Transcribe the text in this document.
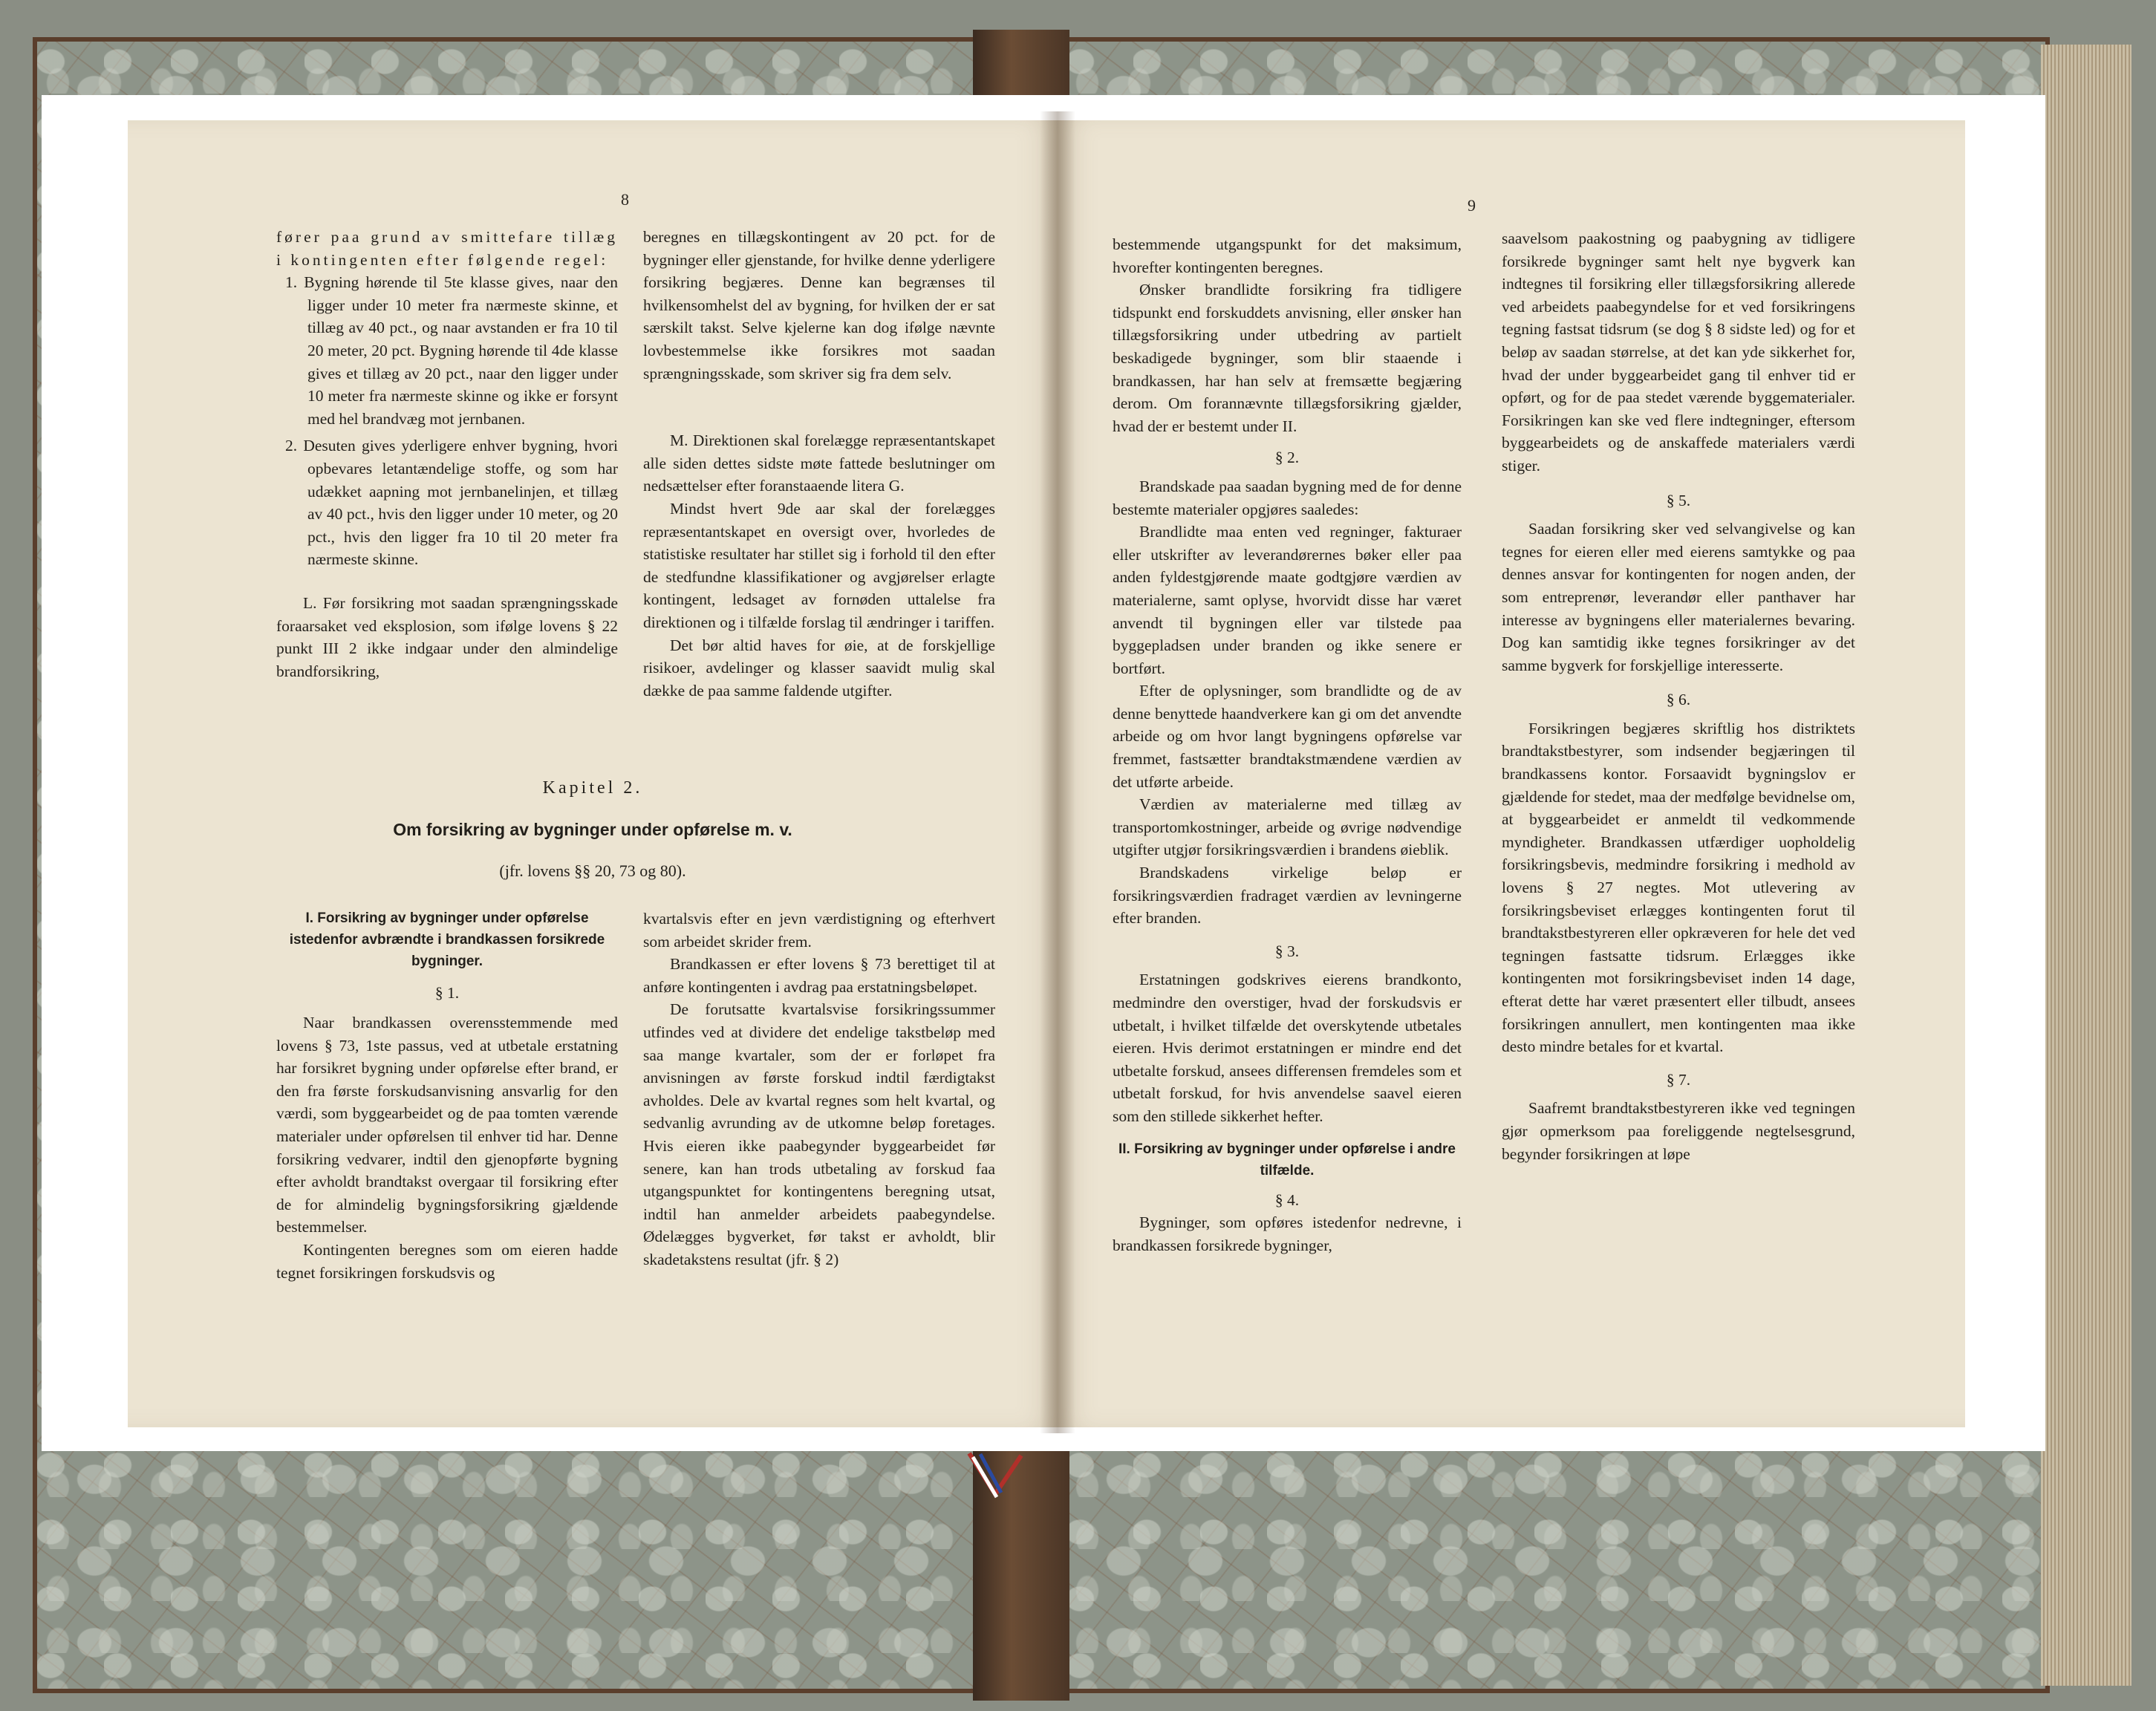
8

fører paa grund av smittefare tillæg i kontingenten efter følgende regel:

1. Bygning hørende til 5te klasse gives, naar den ligger under 10 meter fra nærmeste skinne, et tillæg av 40 pct., og naar avstanden er fra 10 til 20 meter, 20 pct. Bygning hørende til 4de klasse gives et tillæg av 20 pct., naar den ligger under 10 meter fra nærmeste skinne og ikke er forsynt med hel brandvæg mot jernbanen.

2. Desuten gives yderligere enhver bygning, hvori opbevares letantændelige stoffe, og som har udækket aapning mot jernbanelinjen, et tillæg av 40 pct., hvis den ligger under 10 meter, og 20 pct., hvis den ligger fra 10 til 20 meter fra nærmeste skinne.

L. Før forsikring mot saadan sprængningsskade foraarsaket ved eksplosion, som ifølge lovens § 22 punkt III 2 ikke indgaar under den almindelige brandforsikring,

beregnes en tillægskontingent av 20 pct. for de bygninger eller gjenstande, for hvilke denne yderligere forsikring begjæres. Denne kan begrænses til hvilkensomhelst del av bygning, for hvilken der er sat særskilt takst. Selve kjelerne kan dog ifølge nævnte lovbestemmelse ikke forsikres mot saadan sprængningsskade, som skriver sig fra dem selv.

M. Direktionen skal forelægge repræsentantskapet alle siden dettes sidste møte fattede beslutninger om nedsættelser efter foranstaaende litera G.

Mindst hvert 9de aar skal der forelægges repræsentantskapet en oversigt over, hvorledes de statistiske resultater har stillet sig i forhold til den efter de stedfundne klassifikationer og avgjørelser erlagte kontingent, ledsaget av fornøden uttalelse fra direktionen og i tilfælde forslag til ændringer i tariffen.

Det bør altid haves for øie, at de forskjellige risikoer, avdelinger og klasser saavidt mulig skal dække de paa samme faldende utgifter.

Kapitel 2.
Om forsikring av bygninger under opførelse m. v.
(jfr. lovens §§ 20, 73 og 80).
I. Forsikring av bygninger under opførelse istedenfor avbrændte i brandkassen forsikrede bygninger.
§ 1.

Naar brandkassen overensstemmende med lovens § 73, 1ste passus, ved at utbetale erstatning har forsikret bygning under opførelse efter brand, er den fra første forskudsanvisning ansvarlig for den værdi, som byggearbeidet og de paa tomten værende materialer under opførelsen til enhver tid har. Denne forsikring vedvarer, indtil den gjenopførte bygning efter avholdt brandtakst overgaar til forsikring efter de for almindelig bygningsforsikring gjældende bestemmelser.

Kontingenten beregnes som om eieren hadde tegnet forsikringen forskudsvis og

kvartalsvis efter en jevn værdistigning og efterhvert som arbeidet skrider frem.

Brandkassen er efter lovens § 73 berettiget til at anføre kontingenten i avdrag paa erstatningsbeløpet.

De forutsatte kvartalsvise forsikringssummer utfindes ved at dividere det endelige takstbeløp med saa mange kvartaler, som der er forløpet fra anvisningen av første forskud indtil færdigtakst avholdes. Dele av kvartal regnes som helt kvartal, og sedvanlig avrunding av de utkomne beløp foretages. Hvis eieren ikke paabegynder byggearbeidet før senere, kan han trods utbetaling av forskud faa utgangspunktet for kontingentens beregning utsat, indtil han anmelder arbeidets paabegyndelse. Ødelægges bygverket, før takst er avholdt, blir skadetakstens resultat (jfr. § 2)

9

bestemmende utgangspunkt for det maksimum, hvorefter kontingenten beregnes.

Ønsker brandlidte forsikring fra tidligere tidspunkt end forskuddets anvisning, eller ønsker han tillægsforsikring under utbedring av partielt beskadigede bygninger, som blir staaende i brandkassen, har han selv at fremsætte begjæring derom. Om forannævnte tillægsforsikring gjælder, hvad der er bestemt under II.

§ 2.

Brandskade paa saadan bygning med de for denne bestemte materialer opgjøres saaledes:

Brandlidte maa enten ved regninger, fakturaer eller utskrifter av leverandørernes bøker eller paa anden fyldestgjørende maate godtgjøre værdien av materialerne, samt oplyse, hvorvidt disse har været anvendt til bygningen eller var tilstede paa byggepladsen under branden og ikke senere er bortført.

Efter de oplysninger, som brandlidte og de av denne benyttede haandverkere kan gi om det anvendte arbeide og om hvor langt bygningens opførelse var fremmet, fastsætter brandtakstmændene værdien av det utførte arbeide.

Værdien av materialerne med tillæg av transportomkostninger, arbeide og øvrige nødvendige utgifter utgjør forsikringsværdien i brandens øieblik.

Brandskadens virkelige beløp er forsikringsværdien fradraget værdien av levningerne efter branden.

§ 3.

Erstatningen godskrives eierens brandkonto, medmindre den overstiger, hvad der forskudsvis er utbetalt, i hvilket tilfælde det overskytende utbetales eieren. Hvis derimot erstatningen er mindre end det utbetalte forskud, ansees differensen fremdeles som et utbetalt forskud, for hvis anvendelse saavel eieren som den stillede sikkerhet hefter.

II. Forsikring av bygninger under opførelse i andre tilfælde.

§ 4.

Bygninger, som opføres istedenfor nedrevne, i brandkassen forsikrede bygninger,

saavelsom paakostning og paabygning av tidligere forsikrede bygninger samt helt nye bygverk kan indtegnes til forsikring eller tillægsforsikring allerede ved arbeidets paabegyndelse for et ved forsikringens tegning fastsat tidsrum (se dog § 8 sidste led) og for et beløp av saadan størrelse, at det kan yde sikkerhet for, hvad der under byggearbeidet gang til enhver tid er opført, og for de paa stedet værende byggematerialer. Forsikringen kan ske ved flere indtegninger, eftersom byggearbeidets og de anskaffede materialers værdi stiger.

§ 5.

Saadan forsikring sker ved selvangivelse og kan tegnes for eieren eller med eierens samtykke og paa dennes ansvar for kontingenten for nogen anden, der som entreprenør, leverandør eller panthaver har interesse av bygningens eller materialernes bevaring. Dog kan samtidig ikke tegnes forsikringer av det samme bygverk for forskjellige interesserte.

§ 6.

Forsikringen begjæres skriftlig hos distriktets brandtakstbestyrer, som indsender begjæringen til brandkassens kontor. Forsaavidt bygningslov er gjældende for stedet, maa der medfølge bevidnelse om, at byggearbeidet er anmeldt til vedkommende myndigheter. Brandkassen utfærdiger uopholdelig forsikringsbevis, medmindre forsikring i medhold av lovens § 27 negtes. Mot utlevering av forsikringsbeviset erlægges kontingenten forut til brandtakstbestyreren eller opkræveren for hele det ved tegningen fastsatte tidsrum. Erlægges ikke kontingenten mot forsikringsbeviset inden 14 dage, efterat dette har været præsentert eller tilbudt, ansees forsikringen annullert, men kontingenten maa ikke desto mindre betales for et kvartal.

§ 7.

Saafremt brandtakstbestyreren ikke ved tegningen gjør opmerksom paa foreliggende negtelsesgrund, begynder forsikringen at løpe
